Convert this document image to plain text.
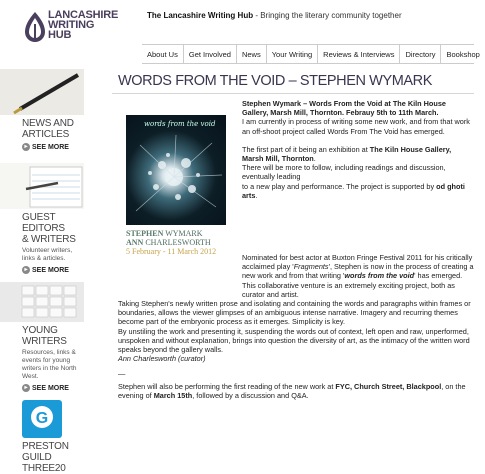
LANCASHIRE
WRITING
HUB
The Lancashire Writing Hub - Bringing the literary community together
About Us	Get Involved	News	Your Writing	Reviews & Interviews	Directory	Bookshop
NEWS AND
ARTICLES
▸ SEE MORE
GUEST EDITORS
& WRITERS
Volunteer writers, links & articles.
▸ SEE MORE
YOUNG WRITERS
Resources, links & events for young writers in the North West.
▸ SEE MORE
G
PRESTON GUILD
THREE20
WORDS FROM THE VOID – STEPHEN WYMARK
words from the void
STEPHEN WYMARK
ANN CHARLESWORTH
5 February - 11 March 2012

Stephen Wymark – Words From the Void at The Kiln House Gallery, Marsh Mill, Thornton. Febrauy 5th to 11th March.

I am currently in process of writing some new work, and from that work an off-shoot project called Words From The Void has emerged.

The first part of it being an exhibition at The Kiln House Gallery, Marsh Mill, Thornton.

There will be more to follow, including readings and discussion, eventually leading

to a new play and performance. The project is supported by od ghoti arts.

Nominated for best actor at Buxton Fringe Festival 2011 for his critically acclaimed play 'Fragments', Stephen is now in the process of creating a new work and from that writing 'words from the void' has emerged. This collaborative venture is an extremely exciting project, both as curator and artist.

Taking Stephen's newly written prose and isolating and containing the words and paragraphs within frames or boundaries, allows the viewer glimpses of an ambiguous intense narrative. Imagery and recurring themes become part of the embryonic process as it emerges. Simplicity is key.

By unstiling the work and presenting it, suspending the words out of context, left open and raw, unperformed, unspoken and without explanation, brings into question the diversity of art, as the intimacy of the written word speaks beyond the gallery walls.

Ann Charlesworth (curator)

—

Stephen will also be performing the first reading of the new work at FYC, Church Street, Blackpool, on the evening of March 15th, followed by a discussion and Q&A.
